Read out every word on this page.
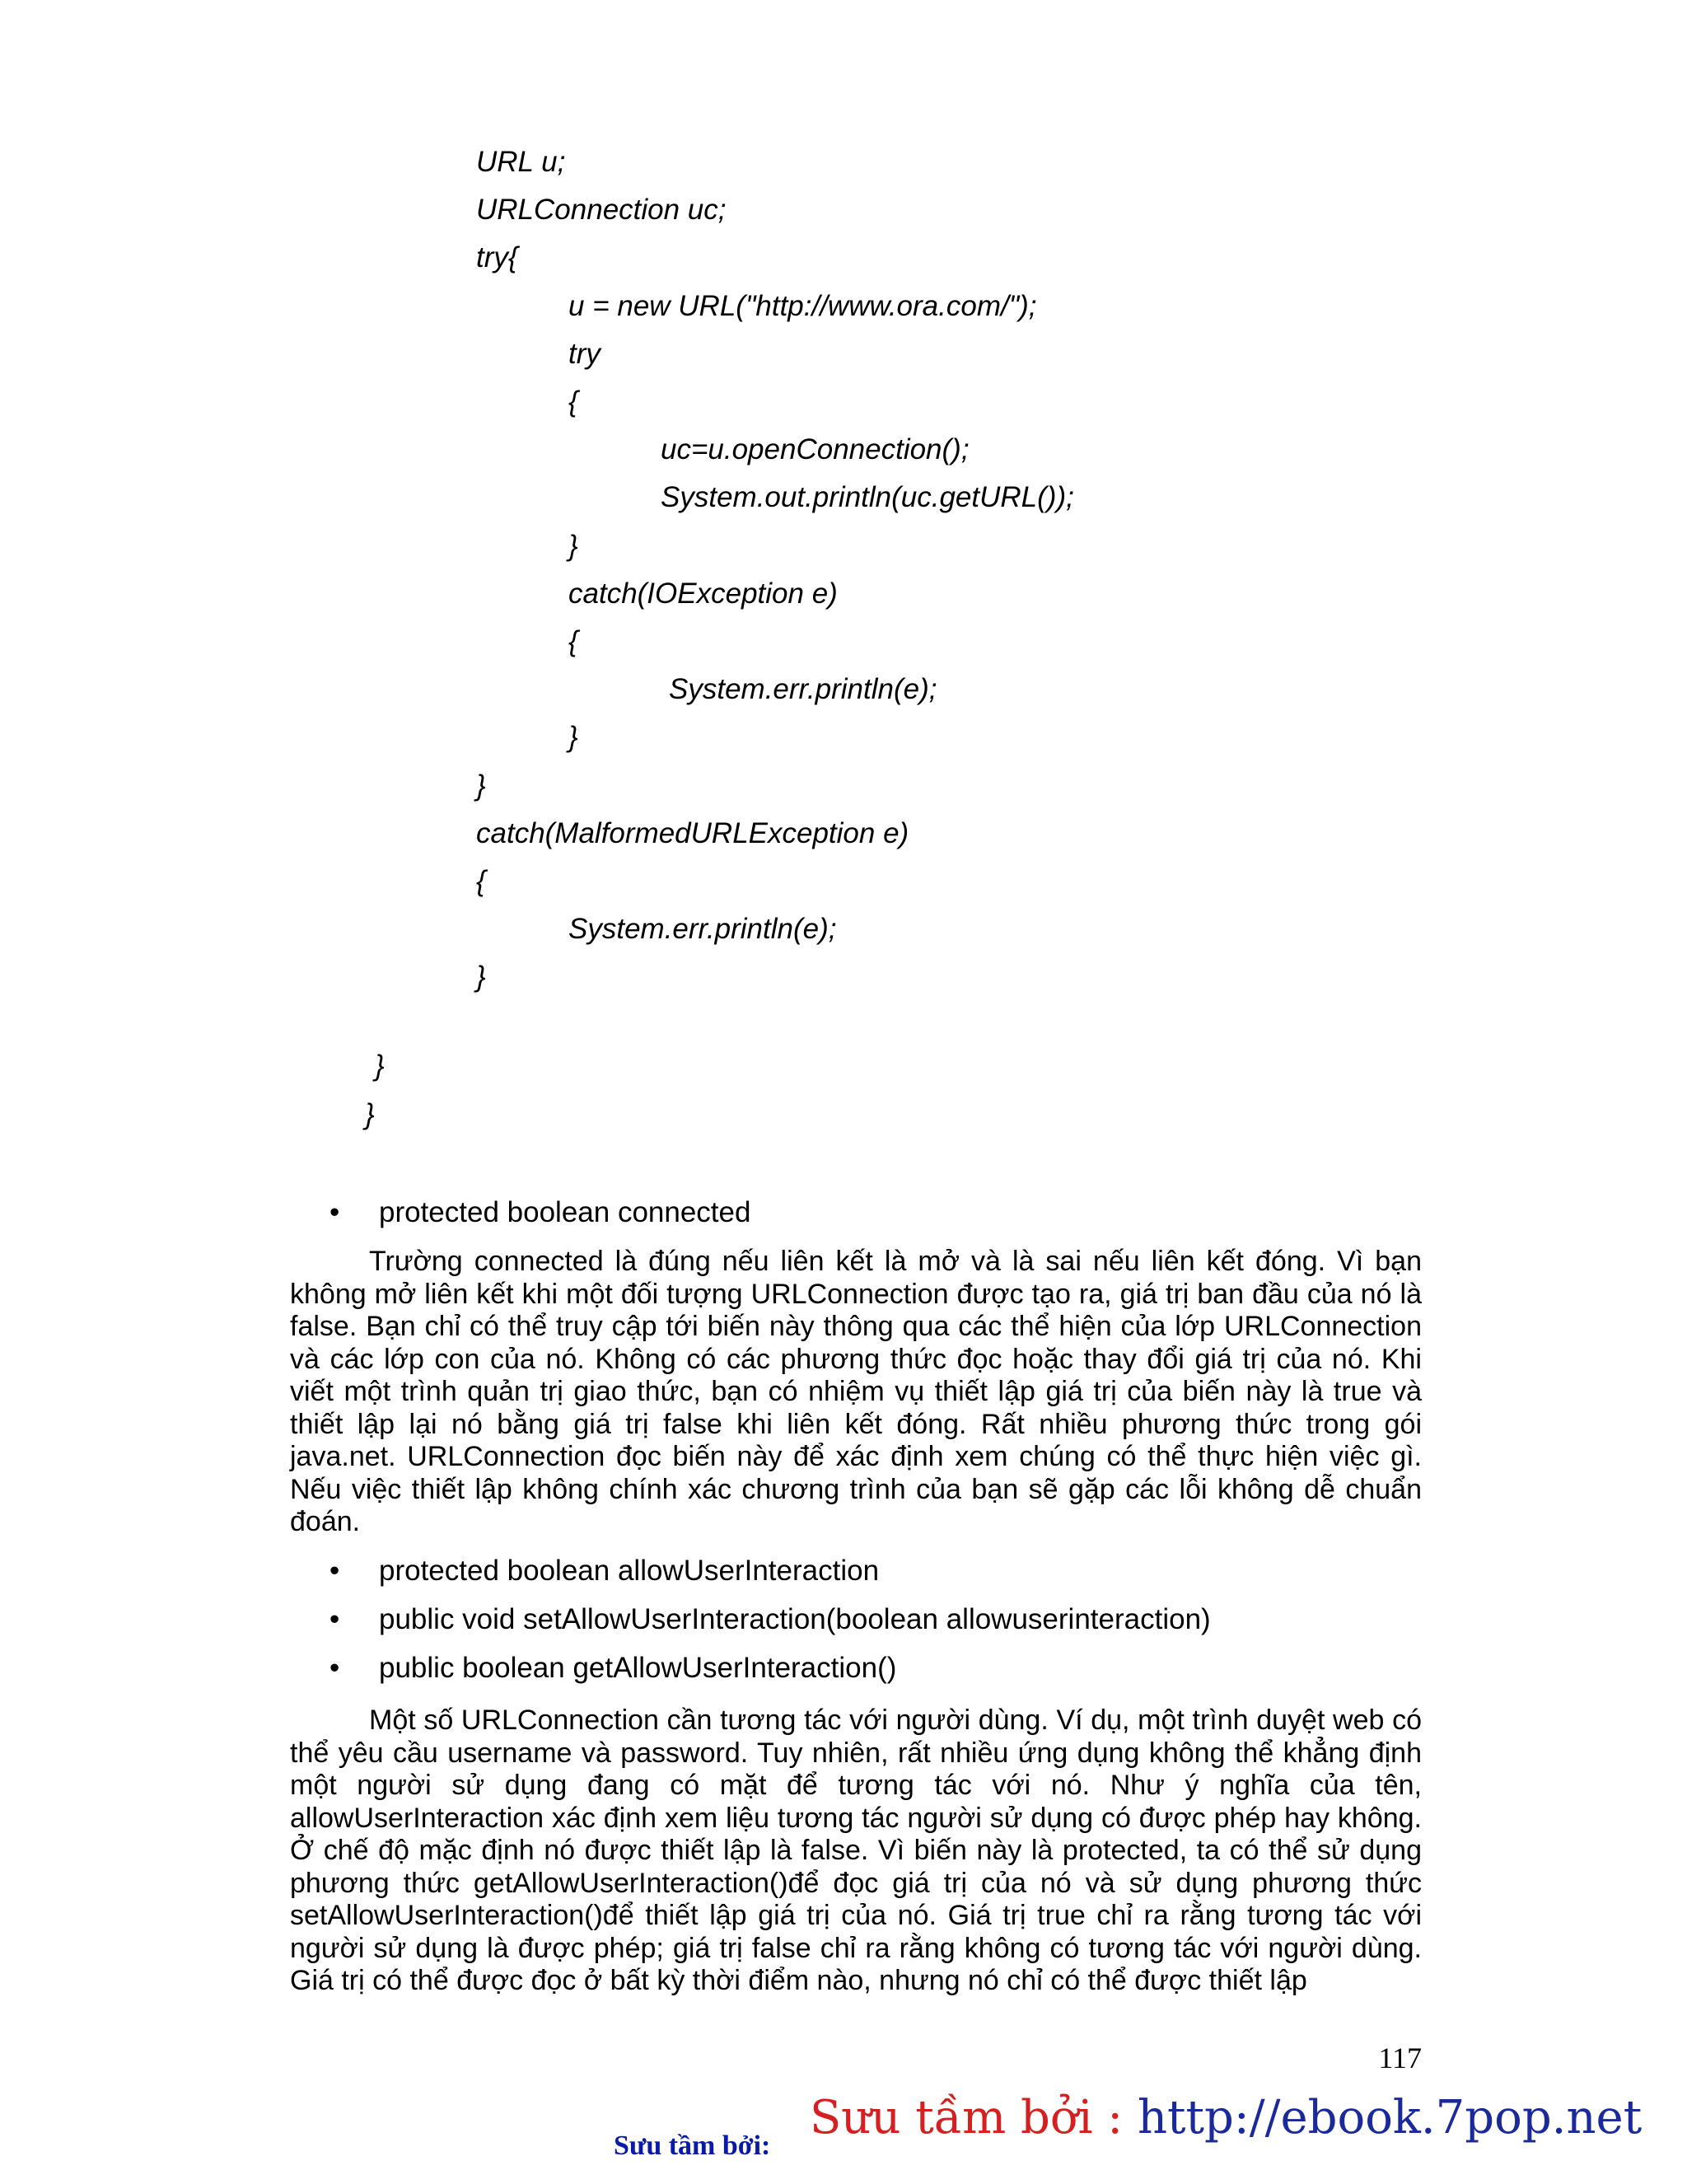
URL u;
URLConnection uc;
try{
u = new URL("http://www.ora.com/");
try
{
uc=u.openConnection();
System.out.println(uc.getURL());
}
catch(IOException e)
{
System.err.println(e);
}
}
catch(MalformedURLException e)
{
System.err.println(e);
}
}
}
• protected boolean connected

Trường connected là đúng nếu liên kết là mở và là sai nếu liên kết đóng. Vì bạn không mở liên kết khi một đối tượng URLConnection được tạo ra, giá trị ban đầu của nó là false. Bạn chỉ có thể truy cập tới biến này thông qua các thể hiện của lớp URLConnection và các lớp con của nó. Không có các phương thức đọc hoặc thay đổi giá trị của nó. Khi viết một trình quản trị giao thức, bạn có nhiệm vụ thiết lập giá trị của biến này là true và thiết lập lại nó bằng giá trị false khi liên kết đóng. Rất nhiều phương thức trong gói java.net. URLConnection đọc biến này để xác định xem chúng có thể thực hiện việc gì. Nếu việc thiết lập không chính xác chương trình của bạn sẽ gặp các lỗi không dễ chuẩn đoán.

• protected boolean allowUserInteraction
• public void setAllowUserInteraction(boolean allowuserinteraction)
• public boolean getAllowUserInteraction()

Một số URLConnection cần tương tác với người dùng. Ví dụ, một trình duyệt web có thể yêu cầu username và password. Tuy nhiên, rất nhiều ứng dụng không thể khẳng định một người sử dụng đang có mặt để tương tác với nó. Như ý nghĩa của tên, allowUserInteraction xác định xem liệu tương tác người sử dụng có được phép hay không. Ở chế độ mặc định nó được thiết lập là false. Vì biến này là protected, ta có thể sử dụng phương thức getAllowUserInteraction()để đọc giá trị của nó và sử dụng phương thức setAllowUserInteraction()để thiết lập giá trị của nó. Giá trị true chỉ ra rằng tương tác với người sử dụng là được phép; giá trị false chỉ ra rằng không có tương tác với người dùng. Giá trị có thể được đọc ở bất kỳ thời điểm nào, nhưng nó chỉ có thể được thiết lập

117
Sưu tầm bởi:
Sưu tầm bởi : http://ebook.7pop.net
